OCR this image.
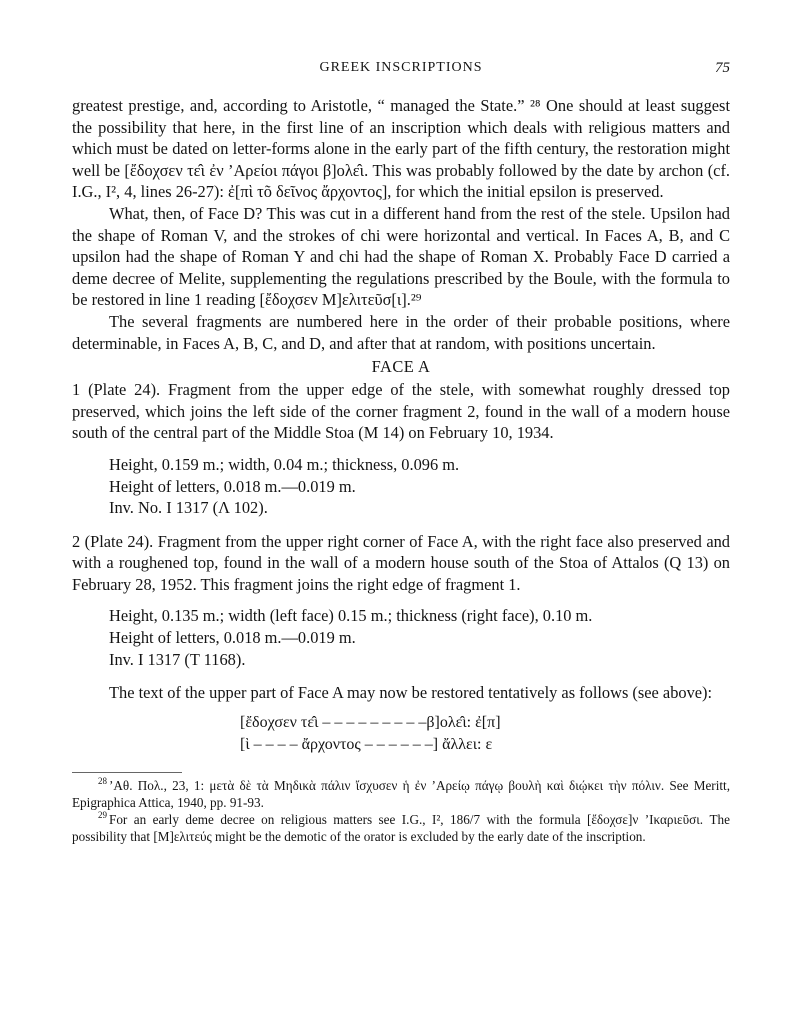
GREEK INSCRIPTIONS	75

greatest prestige, and, according to Aristotle, “ managed the State.” ²⁸ One should at least suggest the possibility that here, in the first line of an inscription which deals with religious matters and which must be dated on letter-forms alone in the early part of the fifth century, the restoration might well be [ἔδοχσεν τε̂ι ἐν ’Αρείοι πάγοι β]ολε̂ι. This was probably followed by the date by archon (cf. I.G., I², 4, lines 26-27): ἐ[πὶ τõ δεῖνος ἄρχοντος], for which the initial epsilon is preserved.

What, then, of Face D? This was cut in a different hand from the rest of the stele. Upsilon had the shape of Roman V, and the strokes of chi were horizontal and vertical. In Faces A, B, and C upsilon had the shape of Roman Y and chi had the shape of Roman X. Probably Face D carried a deme decree of Melite, supplementing the regulations prescribed by the Boule, with the formula to be restored in line 1 reading [ἔδοχσεν Μ]ελιτεῦσ[ι].²⁹

The several fragments are numbered here in the order of their probable positions, where determinable, in Faces A, B, C, and D, and after that at random, with positions uncertain.

FACE A

1 (Plate 24). Fragment from the upper edge of the stele, with somewhat roughly dressed top preserved, which joins the left side of the corner fragment 2, found in the wall of a modern house south of the central part of the Middle Stoa (M 14) on February 10, 1934.

Height, 0.159 m.; width, 0.04 m.; thickness, 0.096 m.
Height of letters, 0.018 m.—0.019 m.
Inv. No. I 1317 (Λ 102).

2 (Plate 24). Fragment from the upper right corner of Face A, with the right face also preserved and with a roughened top, found in the wall of a modern house south of the Stoa of Attalos (Q 13) on February 28, 1952. This fragment joins the right edge of fragment 1.

Height, 0.135 m.; width (left face) 0.15 m.; thickness (right face), 0.10 m.
Height of letters, 0.018 m.—0.019 m.
Inv. I 1317 (T 1168).

The text of the upper part of Face A may now be restored tentatively as follows (see above):

[ἔδοχσεν τε̂ι – – – – – – – – –β]ολε̂ι: ἐ[π]
[ὶ – – – – ἄρχοντος – – – – – –] ἄλλει: ε

$^{28}$ ’Αθ. Πολ., 23, 1: μετὰ δὲ τὰ Μηδικὰ πάλιν ἴσχυσεν ἡ ἐν ’Αρείῳ πάγῳ βουλὴ καὶ διῴκει τὴν πόλιν. See Meritt, Epigraphica Attica, 1940, pp. 91-93.

$^{29}$ For an early deme decree on religious matters see I.G., I², 186/7 with the formula [ἔδοχσε]ν ’Ικαριεῦσι. The possibility that [Μ]ελιτεύς might be the demotic of the orator is excluded by the early date of the inscription.
